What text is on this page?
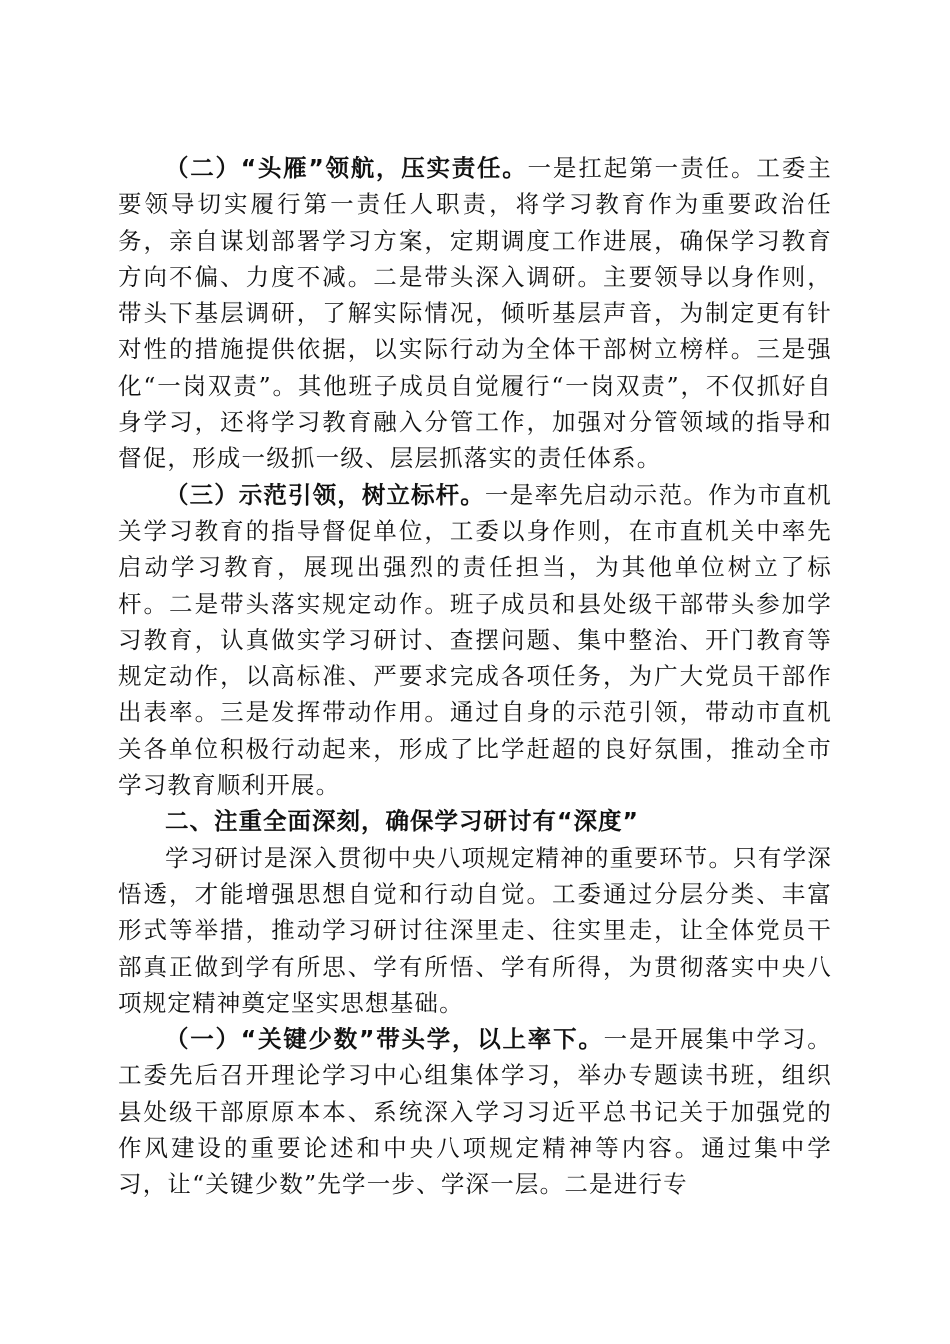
（二）“头雁”领航，压实责任。一是扛起第一责任。工委主要领导切实履行第一责任人职责，将学习教育作为重要政治任务，亲自谋划部署学习方案，定期调度工作进展，确保学习教育方向不偏、力度不减。二是带头深入调研。主要领导以身作则，带头下基层调研，了解实际情况，倾听基层声音，为制定更有针对性的措施提供依据，以实际行动为全体干部树立榜样。三是强化“一岗双责”。其他班子成员自觉履行“一岗双责”，不仅抓好自身学习，还将学习教育融入分管工作，加强对分管领域的指导和督促，形成一级抓一级、层层抓落实的责任体系。

（三）示范引领，树立标杆。一是率先启动示范。作为市直机关学习教育的指导督促单位，工委以身作则，在市直机关中率先启动学习教育，展现出强烈的责任担当，为其他单位树立了标杆。二是带头落实规定动作。班子成员和县处级干部带头参加学习教育，认真做实学习研讨、查摆问题、集中整治、开门教育等规定动作，以高标准、严要求完成各项任务，为广大党员干部作出表率。三是发挥带动作用。通过自身的示范引领，带动市直机关各单位积极行动起来，形成了比学赶超的良好氛围，推动全市学习教育顺利开展。

二、注重全面深刻，确保学习研讨有“深度”

学习研讨是深入贯彻中央八项规定精神的重要环节。只有学深悟透，才能增强思想自觉和行动自觉。工委通过分层分类、丰富形式等举措，推动学习研讨往深里走、往实里走，让全体党员干部真正做到学有所思、学有所悟、学有所得，为贯彻落实中央八项规定精神奠定坚实思想基础。

（一）“关键少数”带头学，以上率下。一是开展集中学习。工委先后召开理论学习中心组集体学习，举办专题读书班，组织县处级干部原原本本、系统深入学习习近平总书记关于加强党的作风建设的重要论述和中央八项规定精神等内容。通过集中学习，让“关键少数”先学一步、学深一层。二是进行专
